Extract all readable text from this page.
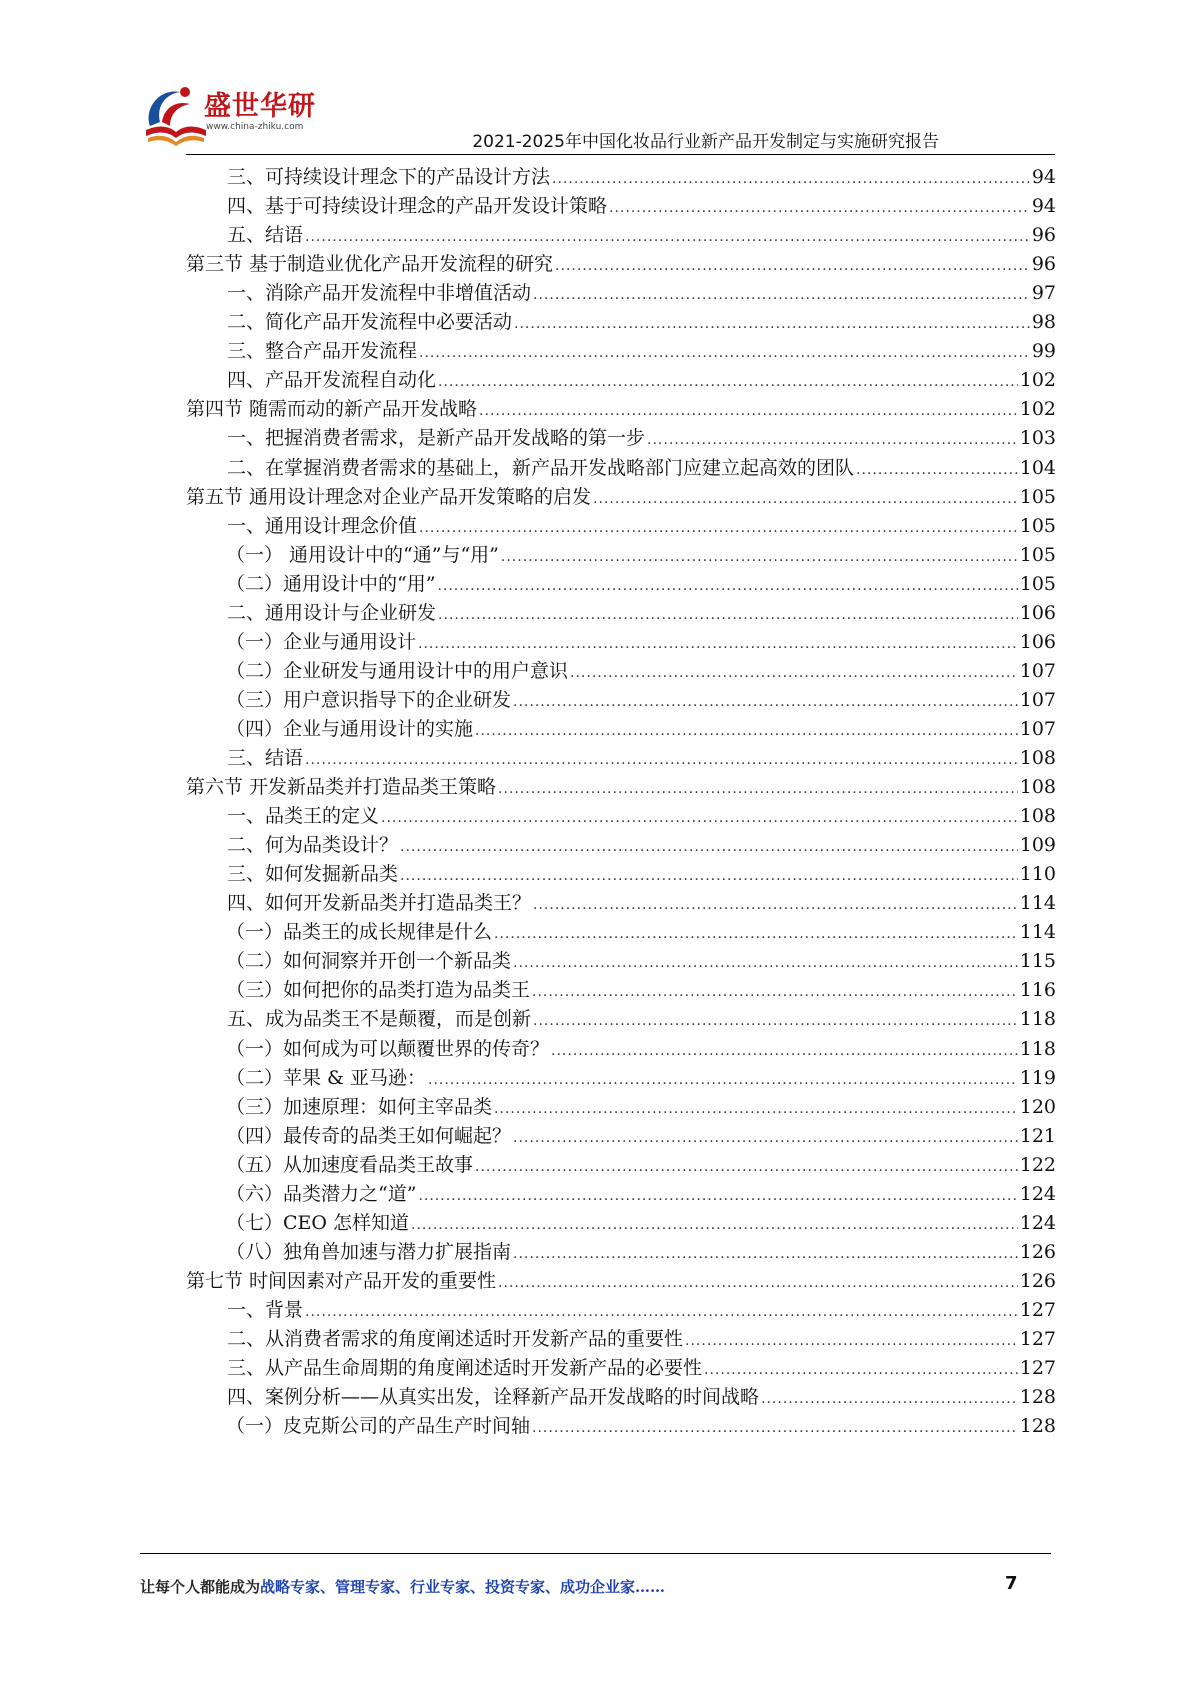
盛世华研
www.china-zhiku.com
2021-2025年中国化妆品行业新产品开发制定与实施研究报告
三、可持续设计理念下的产品设计方法 .....	94
四、基于可持续设计理念的产品开发设计策略 .....	94
五、结语 .....	96
第三节 基于制造业优化产品开发流程的研究 .....	96
一、消除产品开发流程中非增值活动 .....	97
二、简化产品开发流程中必要活动 .....	98
三、整合产品开发流程 .....	99
四、产品开发流程自动化 .....	102
第四节 随需而动的新产品开发战略 .....	102
一、把握消费者需求，是新产品开发战略的第一步 .....	103
二、在掌握消费者需求的基础上，新产品开发战略部门应建立起高效的团队 .....	104
第五节 通用设计理念对企业产品开发策略的启发 .....	105
一、通用设计理念价值 .....	105
（一） 通用设计中的“通”与“用” .....	105
（二）通用设计中的“用” .....	105
二、通用设计与企业研发 .....	106
（一）企业与通用设计 .....	106
（二）企业研发与通用设计中的用户意识 .....	107
（三）用户意识指导下的企业研发 .....	107
（四）企业与通用设计的实施 .....	107
三、结语 .....	108
第六节 开发新品类并打造品类王策略 .....	108
一、品类王的定义 .....	108
二、何为品类设计？ .....	109
三、如何发掘新品类 .....	110
四、如何开发新品类并打造品类王？ .....	114
（一）品类王的成长规律是什么 .....	114
（二）如何洞察并开创一个新品类 .....	115
（三）如何把你的品类打造为品类王 .....	116
五、成为品类王不是颠覆，而是创新 .....	118
（一）如何成为可以颠覆世界的传奇？ .....	118
（二）苹果 & 亚马逊： .....	119
（三）加速原理：如何主宰品类 .....	120
（四）最传奇的品类王如何崛起？ .....	121
（五）从加速度看品类王故事 .....	122
（六）品类潜力之“道” .....	124
（七）CEO 怎样知道 .....	124
（八）独角兽加速与潜力扩展指南 .....	126
第七节 时间因素对产品开发的重要性 .....	126
一、背景 .....	127
二、从消费者需求的角度阐述适时开发新产品的重要性 .....	127
三、从产品生命周期的角度阐述适时开发新产品的必要性 .....	127
四、案例分析——从真实出发，诠释新产品开发战略的时间战略 .....	128
（一）皮克斯公司的产品生产时间轴 .....	128
让每个人都能成为战略专家、管理专家、行业专家、投资专家、成功企业家……	7
